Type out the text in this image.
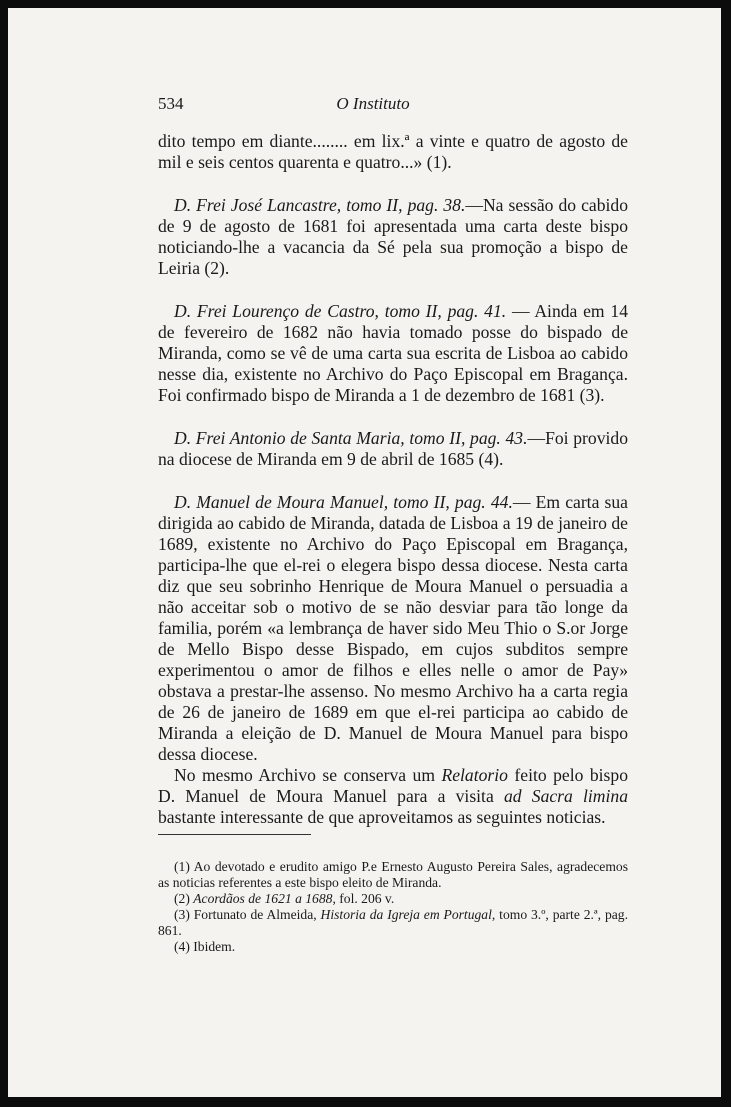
534	O Instituto

dito tempo em diante........ em lix.ª a vinte e quatro de agosto de mil e seis centos quarenta e quatro...» (1).

D. Frei José Lancastre, tomo II, pag. 38.—Na sessão do cabido de 9 de agosto de 1681 foi apresentada uma carta deste bispo noticiando-lhe a vacancia da Sé pela sua promoção a bispo de Leiria (2).

D. Frei Lourenço de Castro, tomo II, pag. 41. — Ainda em 14 de fevereiro de 1682 não havia tomado posse do bispado de Miranda, como se vê de uma carta sua escrita de Lisboa ao cabido nesse dia, existente no Archivo do Paço Episcopal em Bragança. Foi confirmado bispo de Miranda a 1 de dezembro de 1681 (3).

D. Frei Antonio de Santa Maria, tomo II, pag. 43.—Foi provido na diocese de Miranda em 9 de abril de 1685 (4).

D. Manuel de Moura Manuel, tomo II, pag. 44.— Em carta sua dirigida ao cabido de Miranda, datada de Lisboa a 19 de janeiro de 1689, existente no Archivo do Paço Episcopal em Bragança, participa-lhe que el-rei o elegera bispo dessa diocese. Nesta carta diz que seu sobrinho Henrique de Moura Manuel o persuadia a não acceitar sob o motivo de se não desviar para tão longe da familia, porém «a lembrança de haver sido Meu Thio o S.or Jorge de Mello Bispo desse Bispado, em cujos subditos sempre experimentou o amor de filhos e elles nelle o amor de Pay» obstava a prestar-lhe assenso. No mesmo Archivo ha a carta regia de 26 de janeiro de 1689 em que el-rei participa ao cabido de Miranda a eleição de D. Manuel de Moura Manuel para bispo dessa diocese.

No mesmo Archivo se conserva um Relatorio feito pelo bispo D. Manuel de Moura Manuel para a visita ad Sacra limina bastante interessante de que aproveitamos as seguintes noticias.

(1) Ao devotado e erudito amigo P.e Ernesto Augusto Pereira Sales, agradecemos as noticias referentes a este bispo eleito de Miranda.

(2) Acordãos de 1621 a 1688, fol. 206 v.

(3) Fortunato de Almeida, Historia da Igreja em Portugal, tomo 3.º, parte 2.ª, pag. 861.

(4) Ibidem.
